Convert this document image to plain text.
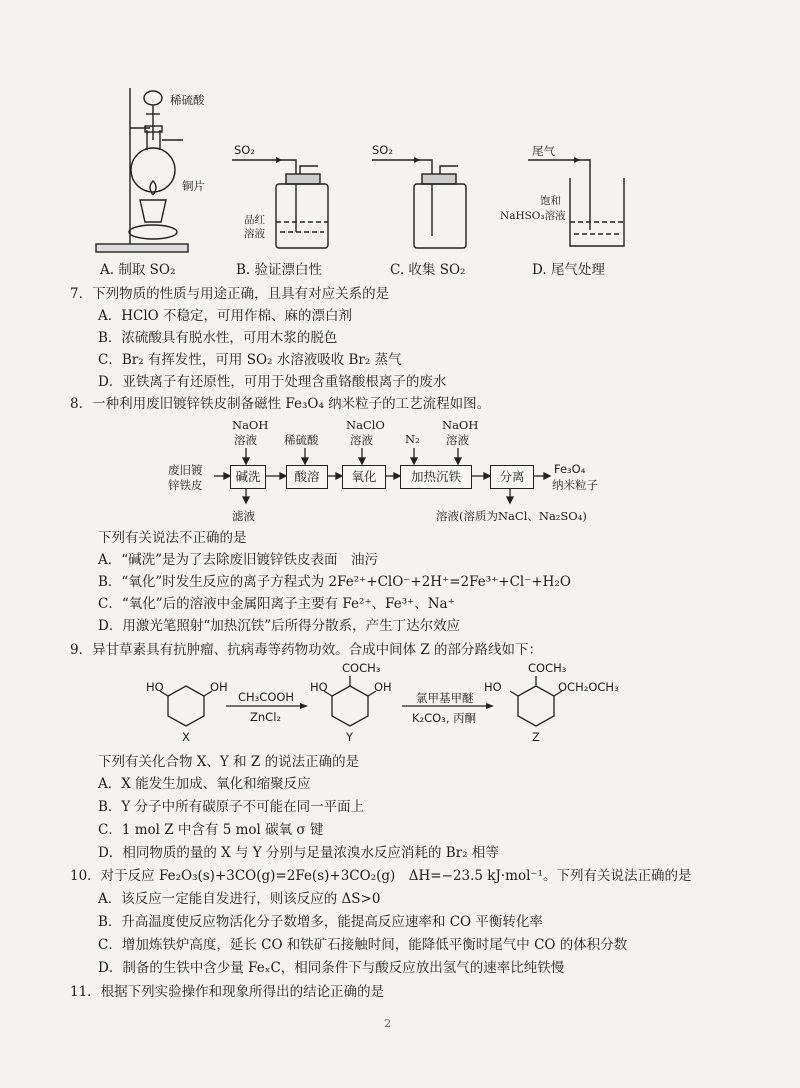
稀硫酸
铜片
SO₂
品红
溶液
SO₂	尾气
饱和
NaHSO₃溶液
A. 制取 SO₂	B. 验证漂白性	C. 收集 SO₂	D. 尾气处理
7．下列物质的性质与用途正确，且具有对应关系的是
A．HClO 不稳定，可用作棉、麻的漂白剂
B．浓硫酸具有脱水性，可用木浆的脱色
C．Br₂ 有挥发性，可用 SO₂ 水溶液吸收 Br₂ 蒸气
D．亚铁离子有还原性，可用于处理含重铬酸根离子的废水
8．一种利用废旧镀锌铁皮制备磁性 Fe₃O₄ 纳米粒子的工艺流程如图。
NaOH
溶液 稀硫酸
NaClO
溶液	N₂
NaOH
溶液
废旧镀
锌铁皮
碱洗	酸溶	氧化	加热沉铁	分离	Fe₃O₄
纳米粒子
滤液	溶液(溶质为NaCl、Na₂SO₄)
下列有关说法不正确的是
A．“碱洗”是为了去除废旧镀锌铁皮表面　油污
B．“氧化”时发生反应的离子方程式为 2Fe²⁺+ClO⁻+2H⁺=2Fe³⁺+Cl⁻+H₂O
C．“氧化”后的溶液中金属阳离子主要有 Fe²⁺、Fe³⁺、Na⁺
D．用激光笔照射“加热沉铁”后所得分散系，产生丁达尔效应
9．异甘草素具有抗肿瘤、抗病毒等药物功效。合成中间体 Z 的部分路线如下：
HO	OH
X
CH₃COOH
ZnCl₂
COCH₃
HO	OH
Y
氯甲基甲醚
K₂CO₃, 丙酮
COCH₃
HO	OCH₂OCH₃
Z
下列有关化合物 X、Y 和 Z 的说法正确的是
A．X 能发生加成、氧化和缩聚反应
B．Y 分子中所有碳原子不可能在同一平面上
C．1 mol Z 中含有 5 mol 碳氧 σ 键
D．相同物质的量的 X 与 Y 分别与足量浓溴水反应消耗的 Br₂ 相等
10．对于反应 Fe₂O₃(s)+3CO(g)=2Fe(s)+3CO₂(g)　ΔH=−23.5 kJ·mol⁻¹。下列有关说法正确的是
A．该反应一定能自发进行，则该反应的 ΔS>0
B．升高温度使反应物活化分子数增多，能提高反应速率和 CO 平衡转化率
C．增加炼铁炉高度，延长 CO 和铁矿石接触时间，能降低平衡时尾气中 CO 的体积分数
D．制备的生铁中含少量 FeₓC，相同条件下与酸反应放出氢气的速率比纯铁慢
11．根据下列实验操作和现象所得出的结论正确的是
2
